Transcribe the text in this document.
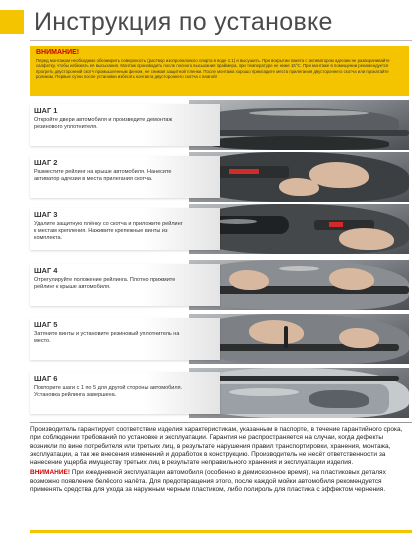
Инструкция по установке
ВНИМАНИЕ!
Перед монтажом необходимо обезжирить поверхность (раствор изопропилового спирта в воде 1:1) и высушить. При вскрытии пакета с активатором адгезии не разворачивайте салфетку, чтобы избежать её высыхания. Монтаж производить после полного высыхания праймера, при температуре не ниже 15°С. При монтаже в помещении рекомендуется прогреть двусторонний скотч промышленным феном, не снимая защитной пленки. После монтажа хорошо прикладите места прилегания двустороннего скотча или прокатайте роликом. Первые сутки после установки избегать контакта двустороннего скотча с влагой!
ШАГ 1
Откройте двери автомобиля и произведите демонтаж резинового уплотнителя.
ШАГ 2
Разместите рейлинг на крыше автомобиля. Нанесите активатор адгезии в места прилегания скотча.
ШАГ 3
Удалите защитную плёнку со скотча и приложите рейлинг к местам крепления. Наживите крепежные винты из комплекта.
ШАГ 4
Отрегулируйте положение рейлинга. Плотно прижмите рейлинг к крыше автомобиля.
ШАГ 5
Затяните винты и установите резиновый уплотнитель на место.
ШАГ 6
Повторите шаги с 1 по 5 для другой стороны автомобиля. Установка рейлинга завершена.

Производитель гарантирует соответствие изделия характеристикам, указанным в паспорте, в течение гарантийного срока, при соблюдении требований по установке и эксплуатации. Гарантия не распространяется на случаи, когда дефекты возникли по вине потребителя или третьих лиц, в результате нарушения правил транспортировки, хранения, монтажа, эксплуатации, а так же внесения изменений и доработок в конструкцию. Производитель не несёт ответственности за нанесение ущерба имуществу третьих лиц в результате неправильного хранения и эксплуатации изделия.

ВНИМАНИЕ! При ежедневной эксплуатации автомобиля (особенно в демисезонное время), на пластиковых деталях возможно появление белёсого налёта. Для предотвращения этого, после каждой мойки автомобиля рекомендуется применять средства для ухода за наружным черным пластиком, либо полироль для пластика с эффектом чернения.
